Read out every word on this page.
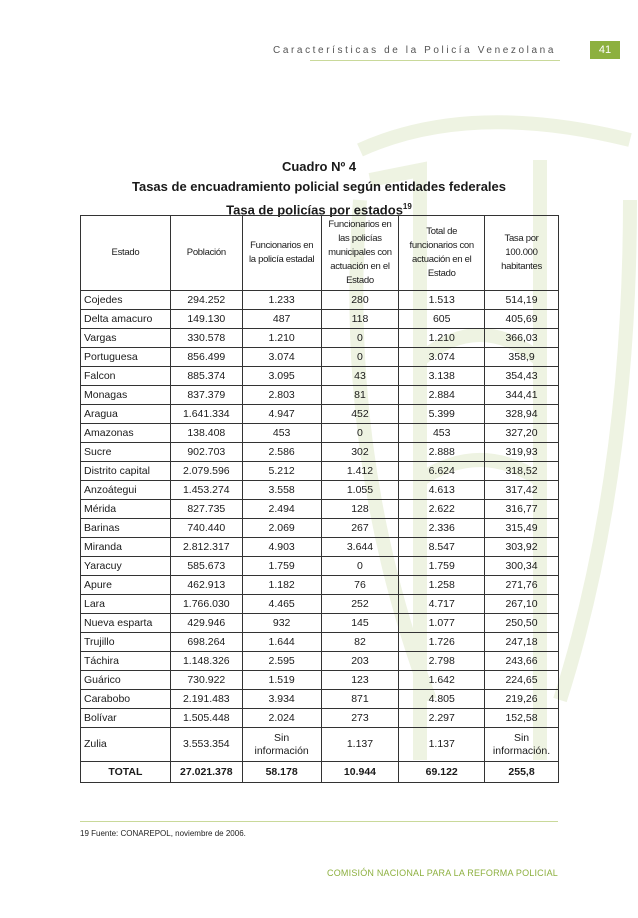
Características de la Policía Venezolana	41
Cuadro Nº 4
Tasas de encuadramiento policial según entidades federales
Tasa de policías por estados$^{19}$
Estado	Población	Funcionarios en la policía estadal	Funcionarios en las policías municipales con actuación en el Estado	Total de funcionarios con actuación en el Estado	Tasa por 100.000 habitantes
Cojedes	294.252	1.233	280	1.513	514,19
Delta amacuro	149.130	487	118	605	405,69
Vargas	330.578	1.210	0	1.210	366,03
Portuguesa	856.499	3.074	0	3.074	358,9
Falcon	885.374	3.095	43	3.138	354,43
Monagas	837.379	2.803	81	2.884	344,41
Aragua	1.641.334	4.947	452	5.399	328,94
Amazonas	138.408	453	0	453	327,20
Sucre	902.703	2.586	302	2.888	319,93
Distrito capital	2.079.596	5.212	1.412	6.624	318,52
Anzoátegui	1.453.274	3.558	1.055	4.613	317,42
Mérida	827.735	2.494	128	2.622	316,77
Barinas	740.440	2.069	267	2.336	315,49
Miranda	2.812.317	4.903	3.644	8.547	303,92
Yaracuy	585.673	1.759	0	1.759	300,34
Apure	462.913	1.182	76	1.258	271,76
Lara	1.766.030	4.465	252	4.717	267,10
Nueva esparta	429.946	932	145	1.077	250,50
Trujillo	698.264	1.644	82	1.726	247,18
Táchira	1.148.326	2.595	203	2.798	243,66
Guárico	730.922	1.519	123	1.642	224,65
Carabobo	2.191.483	3.934	871	4.805	219,26
Bolívar	1.505.448	2.024	273	2.297	152,58
Zulia	3.553.354	Sin información	1.137	1.137	Sin información.
TOTAL	27.021.378	58.178	10.944	69.122	255,8
19 Fuente: CONAREPOL, noviembre de 2006.
COMISIÓN NACIONAL PARA LA REFORMA POLICIAL
